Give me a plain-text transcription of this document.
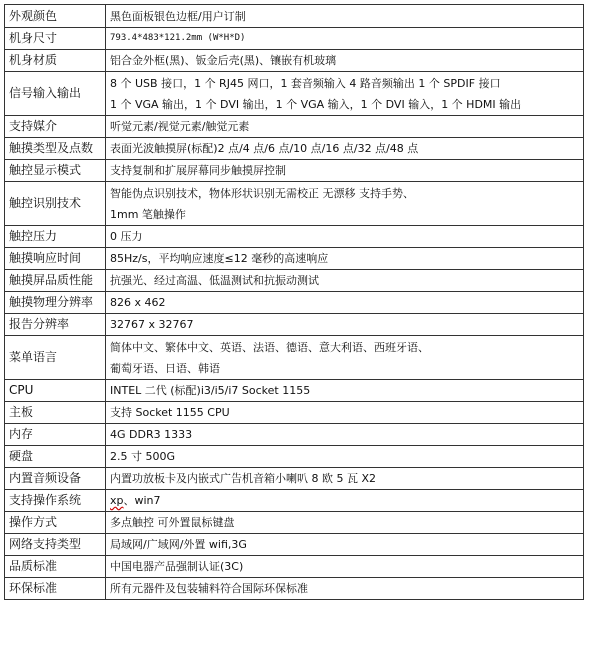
外观颜色	黑色面板银色边框/用户订制

机身尺寸	793.4*483*121.2mm (W*H*D)

机身材质	铝合金外框(黑)、钣金后壳(黑)、镶嵌有机玻璃

信号输入输出	8 个 USB 接口，1 个 RJ45 网口，1 套音频输入 4 路音频输出 1 个 SPDIF 接口
1 个 VGA 输出，1 个 DVI 输出，1 个 VGA 输入，1 个 DVI 输入，1 个 HDMI 输出

支持媒介	听觉元素/视觉元素/触觉元素

触摸类型及点数	表面光波触摸屏(标配)2 点/4 点/6 点/10 点/16 点/32 点/48 点

触控显示模式	支持复制和扩展屏幕同步触摸屏控制

触控识别技术	智能伪点识别技术，物体形状识别无需校正 无漂移 支持手势、
1mm 笔触操作

触控压力	0 压力

触摸响应时间	85Hz/s，平均响应速度≤12 毫秒的高速响应

触摸屏品质性能	抗强光、经过高温、低温测试和抗振动测试

触摸物理分辨率	826 x 462

报告分辨率	32767 x 32767

菜单语言	简体中文、繁体中文、英语、法语、德语、意大利语、西班牙语、
葡萄牙语、日语、韩语

CPU	INTEL 二代 (标配)i3/i5/i7 Socket 1155

主板	支持 Socket 1155 CPU

内存	4G DDR3 1333

硬盘	2.5 寸 500G

内置音频设备	内置功放板卡及内嵌式广告机音箱小喇叭 8 欧 5 瓦 X2

支持操作系统	xp、win7

操作方式	多点触控 可外置鼠标键盘

网络支持类型	局域网/广域网/外置 wifi,3G

品质标准	中国电器产品强制认证(3C)

环保标准	所有元器件及包装辅料符合国际环保标准
